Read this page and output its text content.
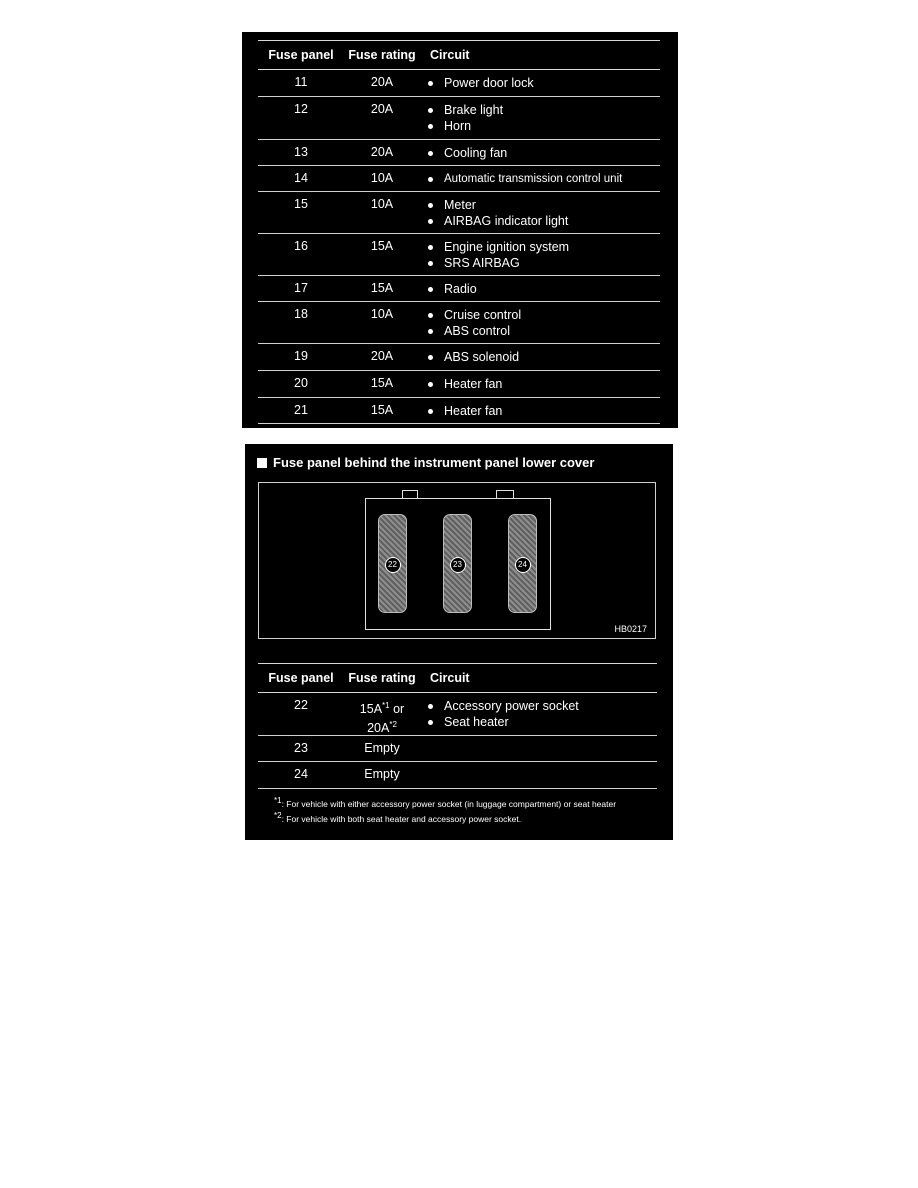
Fuse panel	Fuse rating	Circuit
11	20A	Power door lock
12	20A	Brake light
Horn
13	20A	Cooling fan
14	10A	Automatic transmission control unit
15	10A	Meter
AIRBAG indicator light
16	15A	Engine ignition system
SRS AIRBAG
17	15A	Radio
18	10A	Cruise control
ABS control
19	20A	ABS solenoid
20	15A	Heater fan
21	15A	Heater fan
Fuse panel behind the instrument panel lower cover
22	23	24
HB0217
Fuse panel	Fuse rating	Circuit
22	$15A^{*1}$ or
$20A^{*2}$
Accessory power socket
Seat heater
23	Empty
24	Empty

$^{*1}$: For vehicle with either accessory power socket (in luggage compartment) or seat heater

$^{*2}$: For vehicle with both seat heater and accessory power socket.
